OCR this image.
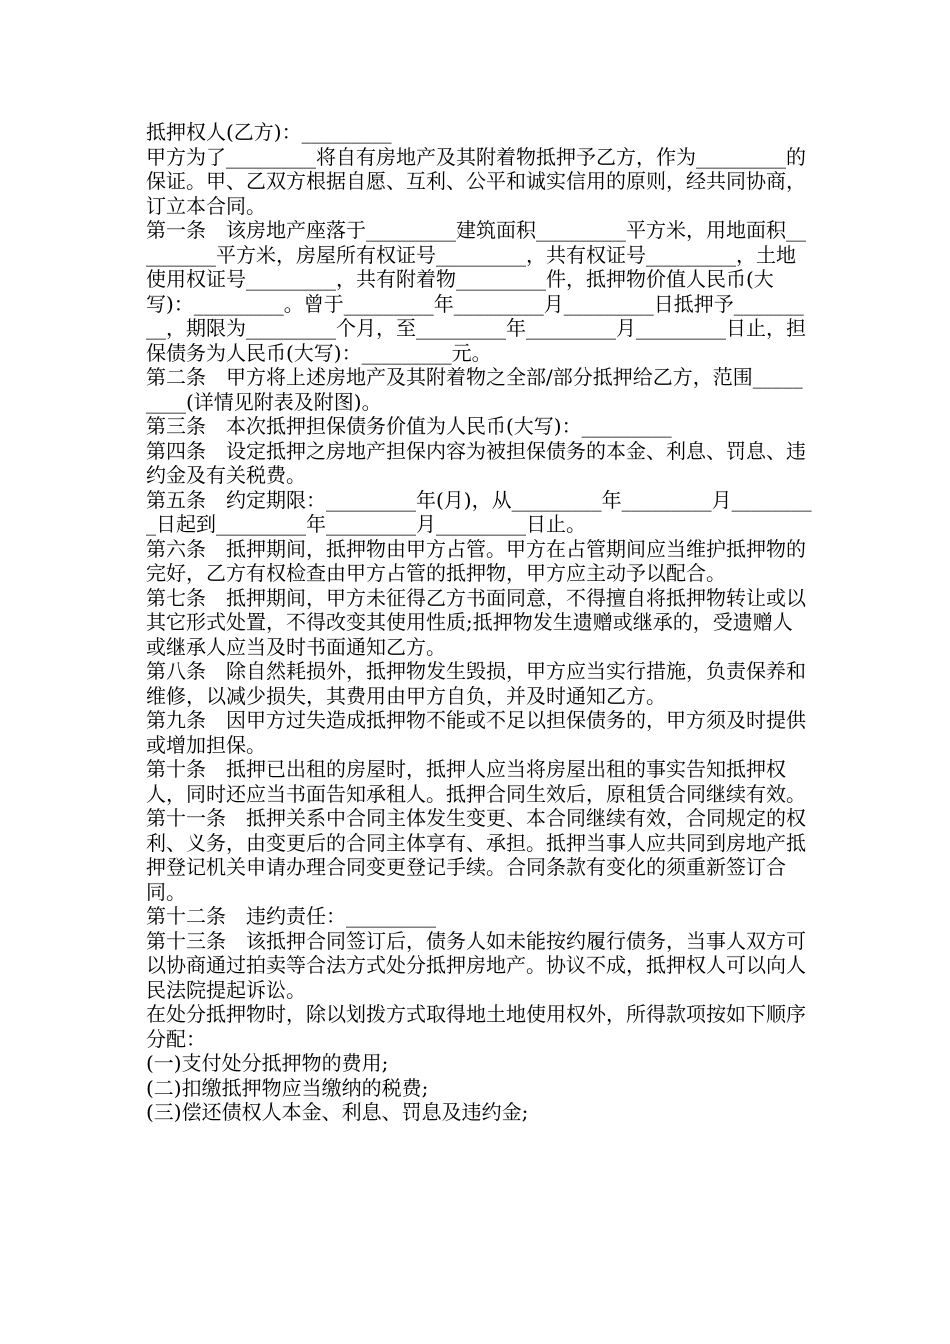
抵押权人(乙方)：_________

甲方为了_________将自有房地产及其附着物抵押予乙方，作为_________的保证。甲、乙双方根据自愿、互利、公平和诚实信用的原则，经共同协商，订立本合同。

第一条　该房地产座落于_________建筑面积_________平方米，用地面积_________平方米，房屋所有权证号_________，共有权证号_________，土地使用权证号_________，共有附着物_________件，抵押物价值人民币(大写)：_________。曾于_________年_________月_________日抵押予_________，期限为_________个月，至_________年_________月_________日止，担保债务为人民币(大写)：_________元。

第二条　甲方将上述房地产及其附着物之全部/部分抵押给乙方，范围_________(详情见附表及附图)。

第三条　本次抵押担保债务价值为人民币(大写)：_________

第四条　设定抵押之房地产担保内容为被担保债务的本金、利息、罚息、违约金及有关税费。

第五条　约定期限：_________年(月)，从_________年_________月_________日起到_________年_________月_________日止。

第六条　抵押期间，抵押物由甲方占管。甲方在占管期间应当维护抵押物的完好，乙方有权检查由甲方占管的抵押物，甲方应主动予以配合。

第七条　抵押期间，甲方未征得乙方书面同意，不得擅自将抵押物转让或以其它形式处置，不得改变其使用性质;抵押物发生遗赠或继承的，受遗赠人或继承人应当及时书面通知乙方。

第八条　除自然耗损外，抵押物发生毁损，甲方应当实行措施，负责保养和维修，以减少损失，其费用由甲方自负，并及时通知乙方。

第九条　因甲方过失造成抵押物不能或不足以担保债务的，甲方须及时提供或增加担保。

第十条　抵押已出租的房屋时，抵押人应当将房屋出租的事实告知抵押权人，同时还应当书面告知承租人。抵押合同生效后，原租赁合同继续有效。

第十一条　抵押关系中合同主体发生变更、本合同继续有效，合同规定的权利、义务，由变更后的合同主体享有、承担。抵押当事人应共同到房地产抵押登记机关申请办理合同变更登记手续。合同条款有变化的须重新签订合同。

第十二条　违约责任：_________

第十三条　该抵押合同签订后，债务人如未能按约履行债务，当事人双方可以协商通过拍卖等合法方式处分抵押房地产。协议不成，抵押权人可以向人民法院提起诉讼。

在处分抵押物时，除以划拨方式取得地土地使用权外，所得款项按如下顺序分配：

(一)支付处分抵押物的费用;

(二)扣缴抵押物应当缴纳的税费;

(三)偿还债权人本金、利息、罚息及违约金;
